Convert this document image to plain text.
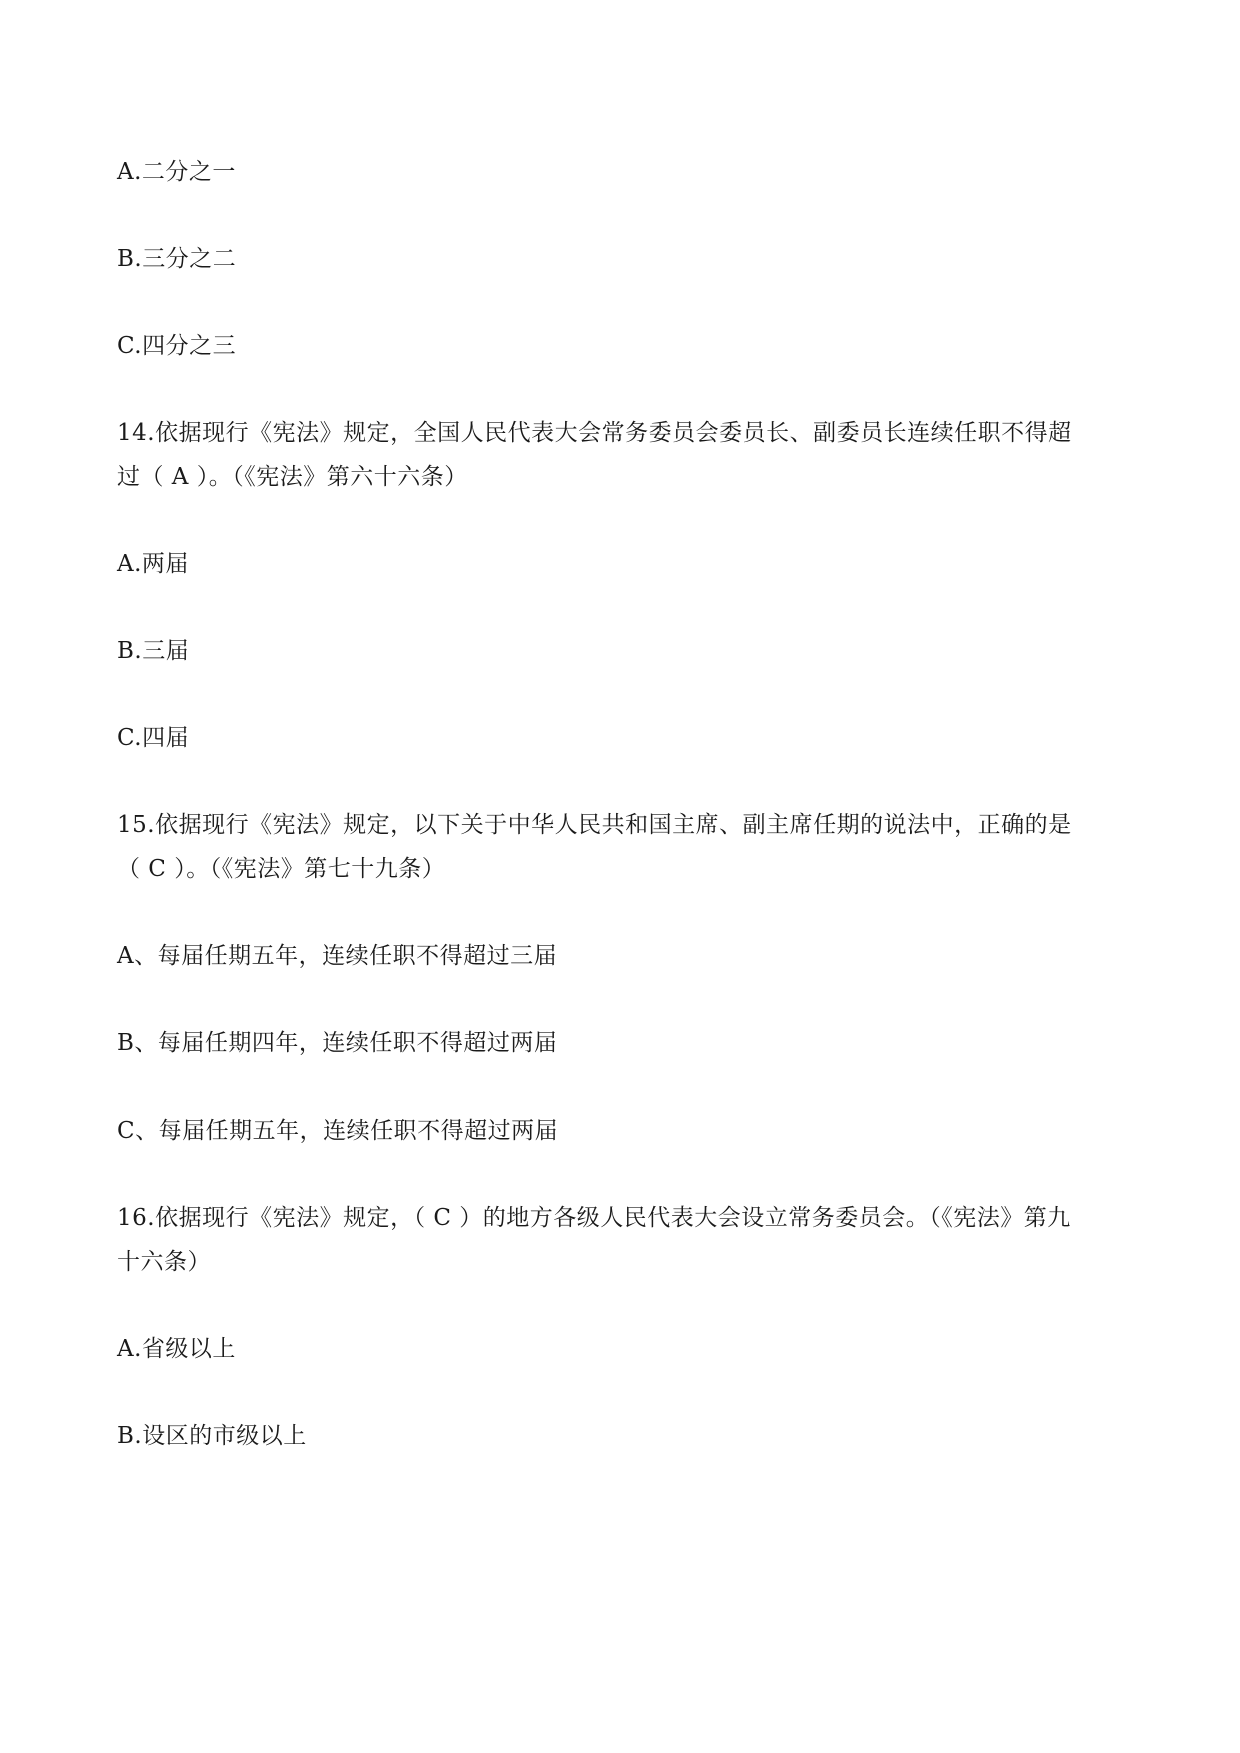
A.二分之一
B.三分之二
C.四分之三
14.依据现行《宪法》规定，全国人民代表大会常务委员会委员长、副委员长连续任职不得超
过（ A ）。（《宪法》第六十六条）
A.两届
B.三届
C.四届
15.依据现行《宪法》规定，以下关于中华人民共和国主席、副主席任期的说法中，正确的是
（ C ）。（《宪法》第七十九条）
A、每届任期五年，连续任职不得超过三届
B、每届任期四年，连续任职不得超过两届
C、每届任期五年，连续任职不得超过两届
16.依据现行《宪法》规定，（ C ）的地方各级人民代表大会设立常务委员会。（《宪法》第九
十六条）
A.省级以上
B.设区的市级以上
